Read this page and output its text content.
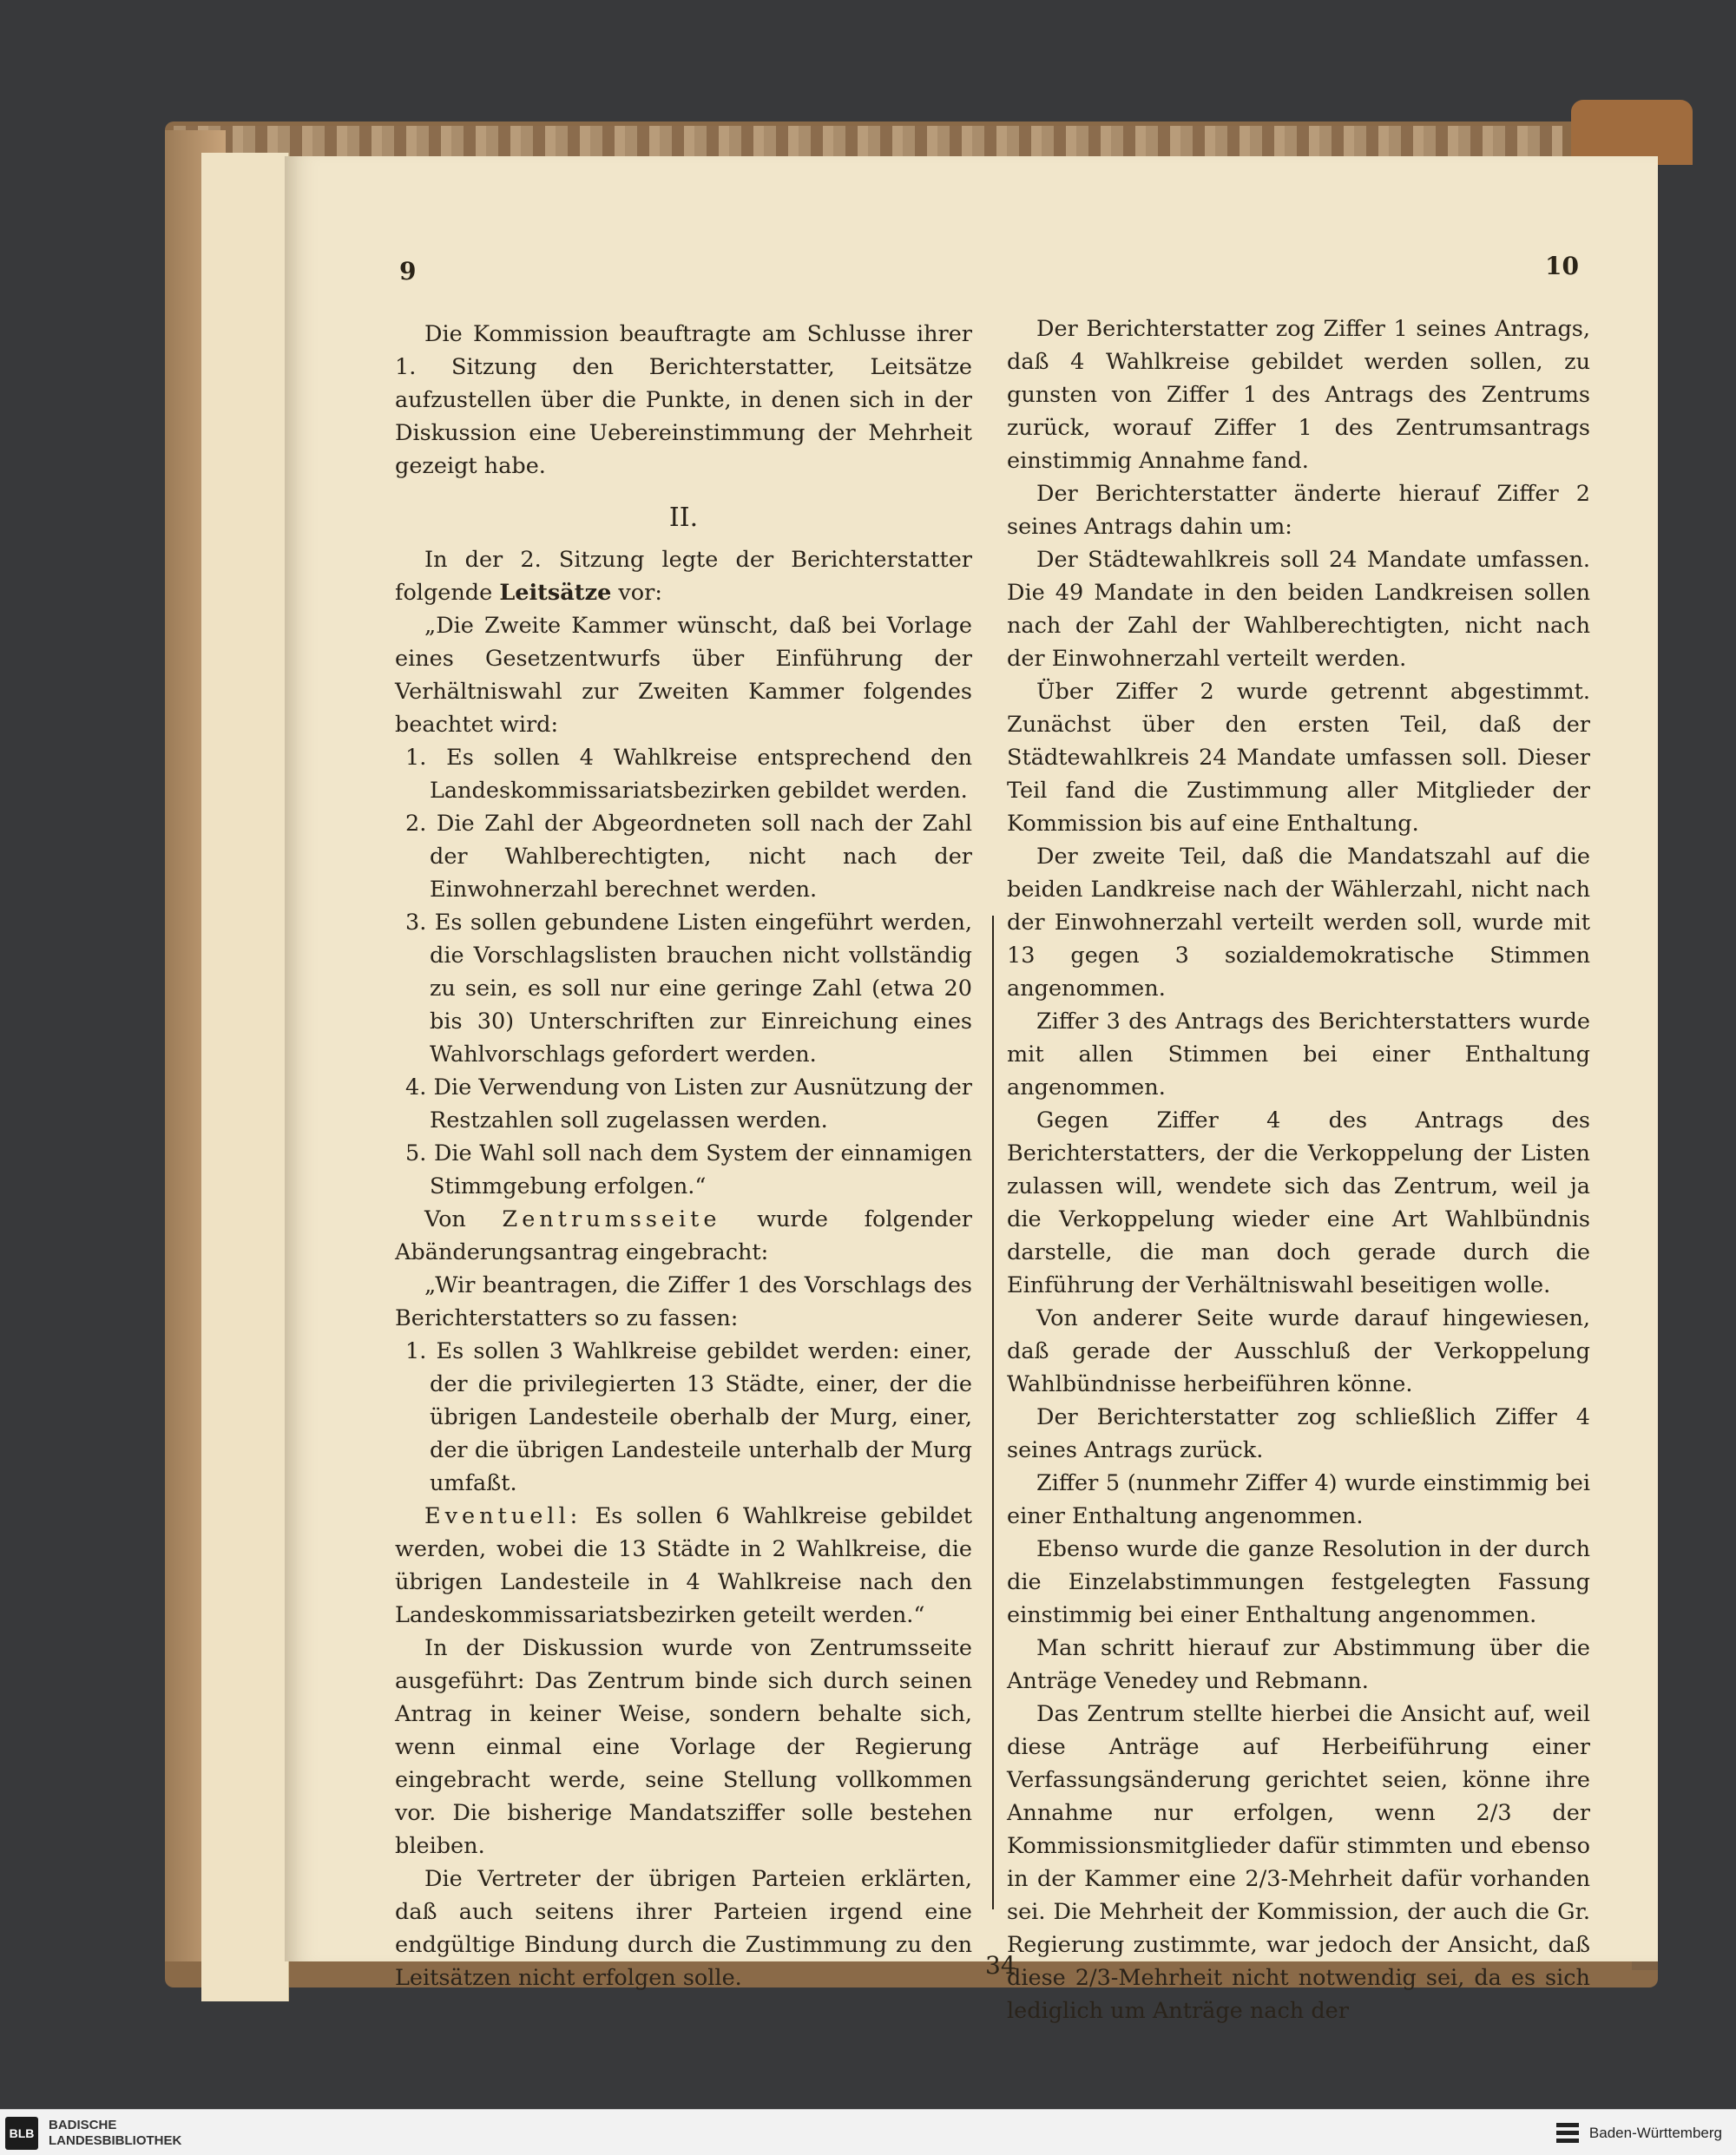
9	10

Die Kommission beauftragte am Schlusse ihrer 1. Sitzung den Berichterstatter, Leitsätze aufzustellen über die Punkte, in denen sich in der Diskussion eine Uebereinstimmung der Mehrheit gezeigt habe.

II.

In der 2. Sitzung legte der Berichterstatter folgende Leitsätze vor:

„Die Zweite Kammer wünscht, daß bei Vorlage eines Gesetzentwurfs über Einführung der Verhältniswahl zur Zweiten Kammer folgendes beachtet wird:

1. Es sollen 4 Wahlkreise entsprechend den Landeskommissariatsbezirken gebildet werden.

2. Die Zahl der Abgeordneten soll nach der Zahl der Wahlberechtigten, nicht nach der Einwohnerzahl berechnet werden.

3. Es sollen gebundene Listen eingeführt werden, die Vorschlagslisten brauchen nicht vollständig zu sein, es soll nur eine geringe Zahl (etwa 20 bis 30) Unterschriften zur Einreichung eines Wahlvorschlags gefordert werden.

4. Die Verwendung von Listen zur Ausnützung der Restzahlen soll zugelassen werden.

5. Die Wahl soll nach dem System der einnamigen Stimmgebung erfolgen.“

Von Zentrumsseite wurde folgender Abänderungsantrag eingebracht:

„Wir beantragen, die Ziffer 1 des Vorschlags des Berichterstatters so zu fassen:

1. Es sollen 3 Wahlkreise gebildet werden: einer, der die privilegierten 13 Städte, einer, der die übrigen Landesteile oberhalb der Murg, einer, der die übrigen Landesteile unterhalb der Murg umfaßt.

Eventuell: Es sollen 6 Wahlkreise gebildet werden, wobei die 13 Städte in 2 Wahlkreise, die übrigen Landesteile in 4 Wahlkreise nach den Landeskommissariatsbezirken geteilt werden.“

In der Diskussion wurde von Zentrumsseite ausgeführt: Das Zentrum binde sich durch seinen Antrag in keiner Weise, sondern behalte sich, wenn einmal eine Vorlage der Regierung eingebracht werde, seine Stellung vollkommen vor. Die bisherige Mandatsziffer solle bestehen bleiben.

Die Vertreter der übrigen Parteien erklärten, daß auch seitens ihrer Parteien irgend eine endgültige Bindung durch die Zustimmung zu den Leitsätzen nicht erfolgen solle.

Der Berichterstatter zog Ziffer 1 seines Antrags, daß 4 Wahlkreise gebildet werden sollen, zu gunsten von Ziffer 1 des Antrags des Zentrums zurück, worauf Ziffer 1 des Zentrumsantrags einstimmig Annahme fand.

Der Berichterstatter änderte hierauf Ziffer 2 seines Antrags dahin um:

Der Städtewahlkreis soll 24 Mandate umfassen. Die 49 Mandate in den beiden Landkreisen sollen nach der Zahl der Wahlberechtigten, nicht nach der Einwohnerzahl verteilt werden.

Über Ziffer 2 wurde getrennt abgestimmt. Zunächst über den ersten Teil, daß der Städtewahlkreis 24 Mandate umfassen soll. Dieser Teil fand die Zustimmung aller Mitglieder der Kommission bis auf eine Enthaltung.

Der zweite Teil, daß die Mandatszahl auf die beiden Landkreise nach der Wählerzahl, nicht nach der Einwohnerzahl verteilt werden soll, wurde mit 13 gegen 3 sozialdemokratische Stimmen angenommen.

Ziffer 3 des Antrags des Berichterstatters wurde mit allen Stimmen bei einer Enthaltung angenommen.

Gegen Ziffer 4 des Antrags des Berichterstatters, der die Verkoppelung der Listen zulassen will, wendete sich das Zentrum, weil ja die Verkoppelung wieder eine Art Wahlbündnis darstelle, die man doch gerade durch die Einführung der Verhältniswahl beseitigen wolle.

Von anderer Seite wurde darauf hingewiesen, daß gerade der Ausschluß der Verkoppelung Wahlbündnisse herbeiführen könne.

Der Berichterstatter zog schließlich Ziffer 4 seines Antrags zurück.

Ziffer 5 (nunmehr Ziffer 4) wurde einstimmig bei einer Enthaltung angenommen.

Ebenso wurde die ganze Resolution in der durch die Einzelabstimmungen festgelegten Fassung einstimmig bei einer Enthaltung angenommen.

Man schritt hierauf zur Abstimmung über die Anträge Venedey und Rebmann.

Das Zentrum stellte hierbei die Ansicht auf, weil diese Anträge auf Herbeiführung einer Verfassungsänderung gerichtet seien, könne ihre Annahme nur erfolgen, wenn 2/3 der Kommissionsmitglieder dafür stimmten und ebenso in der Kammer eine 2/3-Mehrheit dafür vorhanden sei. Die Mehrheit der Kommission, der auch die Gr. Regierung zustimmte, war jedoch der Ansicht, daß diese 2/3-Mehrheit nicht notwendig sei, da es sich lediglich um Anträge nach der

34
BLB
BADISCHE
LANDESBIBLIOTHEK	Baden-Württemberg
